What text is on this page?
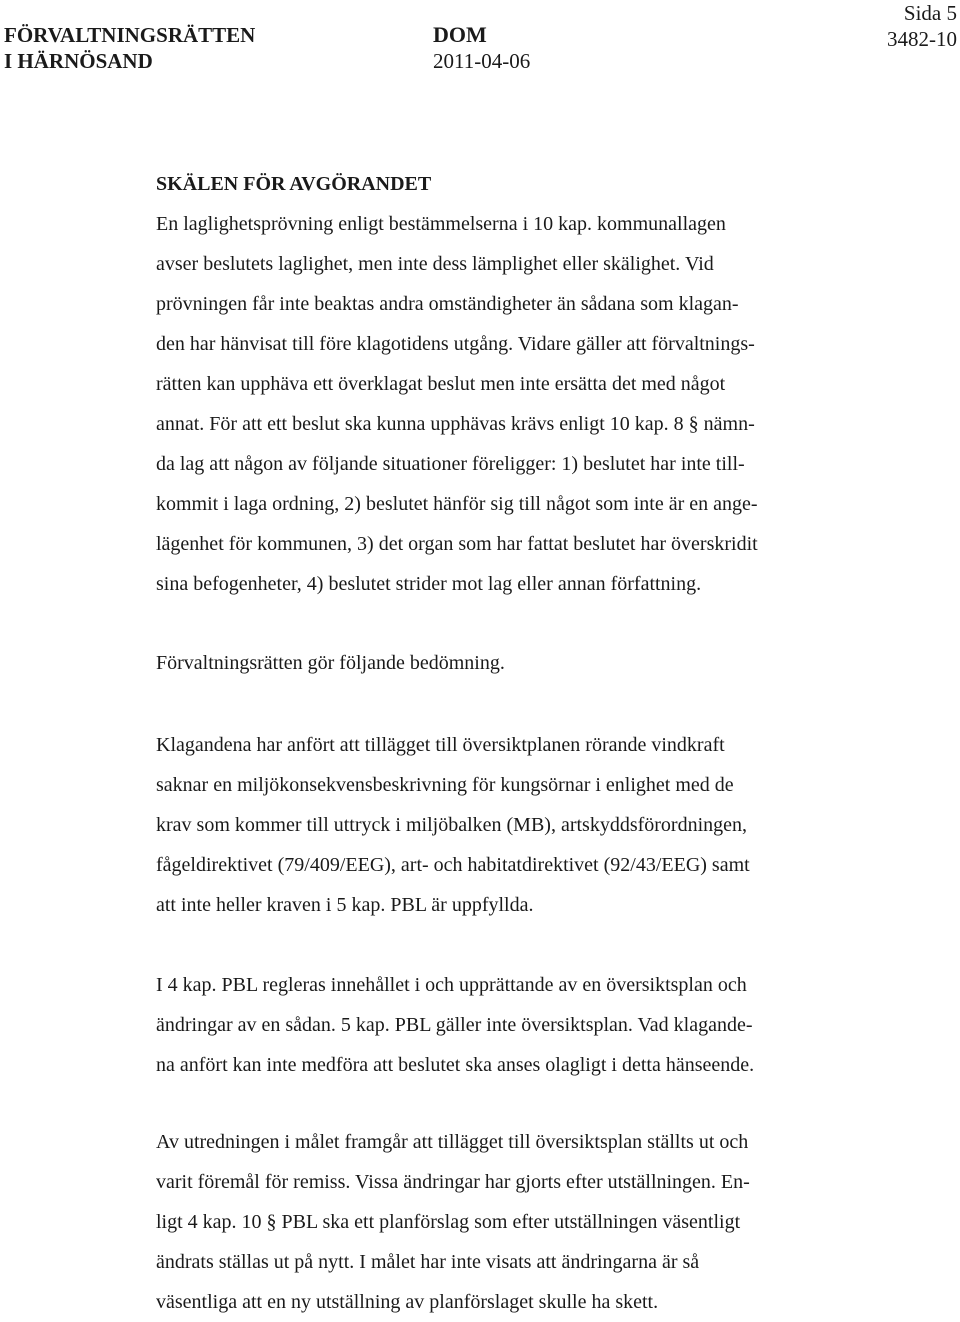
FÖRVALTNINGSRÄTTEN
I HÄRNÖSAND
DOM
2011-04-06
Sida 5
3482-10
SKÄLEN FÖR AVGÖRANDET
En laglighetsprövning enligt bestämmelserna i 10 kap. kommunallagen
avser beslutets laglighet, men inte dess lämplighet eller skälighet. Vid
prövningen får inte beaktas andra omständigheter än sådana som klagan-
den har hänvisat till före klagotidens utgång. Vidare gäller att förvaltnings-
rätten kan upphäva ett överklagat beslut men inte ersätta det med något
annat. För att ett beslut ska kunna upphävas krävs enligt 10 kap. 8 § nämn-
da lag att någon av följande situationer föreligger: 1) beslutet har inte till-
kommit i laga ordning, 2) beslutet hänför sig till något som inte är en ange-
lägenhet för kommunen, 3) det organ som har fattat beslutet har överskridit
sina befogenheter, 4) beslutet strider mot lag eller annan författning.
Förvaltningsrätten gör följande bedömning.
Klagandena har anfört att tillägget till översiktplanen rörande vindkraft
saknar en miljökonsekvensbeskrivning för kungsörnar i enlighet med de
krav som kommer till uttryck i miljöbalken (MB), artskyddsförordningen,
fågeldirektivet (79/409/EEG), art- och habitatdirektivet (92/43/EEG) samt
att inte heller kraven i 5 kap. PBL är uppfyllda.
I 4 kap. PBL regleras innehållet i och upprättande av en översiktsplan och
ändringar av en sådan. 5 kap. PBL gäller inte översiktsplan. Vad klagande-
na anfört kan inte medföra att beslutet ska anses olagligt i detta hänseende.
Av utredningen i målet framgår att tillägget till översiktsplan ställts ut och
varit föremål för remiss. Vissa ändringar har gjorts efter utställningen. En-
ligt 4 kap. 10 § PBL ska ett planförslag som efter utställningen väsentligt
ändrats ställas ut på nytt. I målet har inte visats att ändringarna är så
väsentliga att en ny utställning av planförslaget skulle ha skett.
